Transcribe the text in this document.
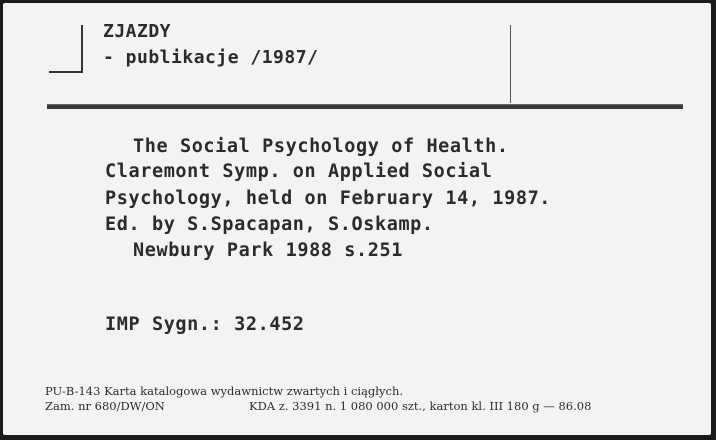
ZJAZDY
- publikacje /1987/
The Social Psychology of Health.
Claremont Symp. on Applied Social
Psychology, held on February 14, 1987.
Ed. by S.Spacapan, S.Oskamp.
Newbury Park 1988 s.251
IMP Sygn.: 32.452
PU-B-143 Karta katalogowa wydawnictw zwartych i ciągłych.
Zam. nr 680/DW/ON	KDA z. 3391 n. 1 080 000 szt., karton kl. III 180 g — 86.08
